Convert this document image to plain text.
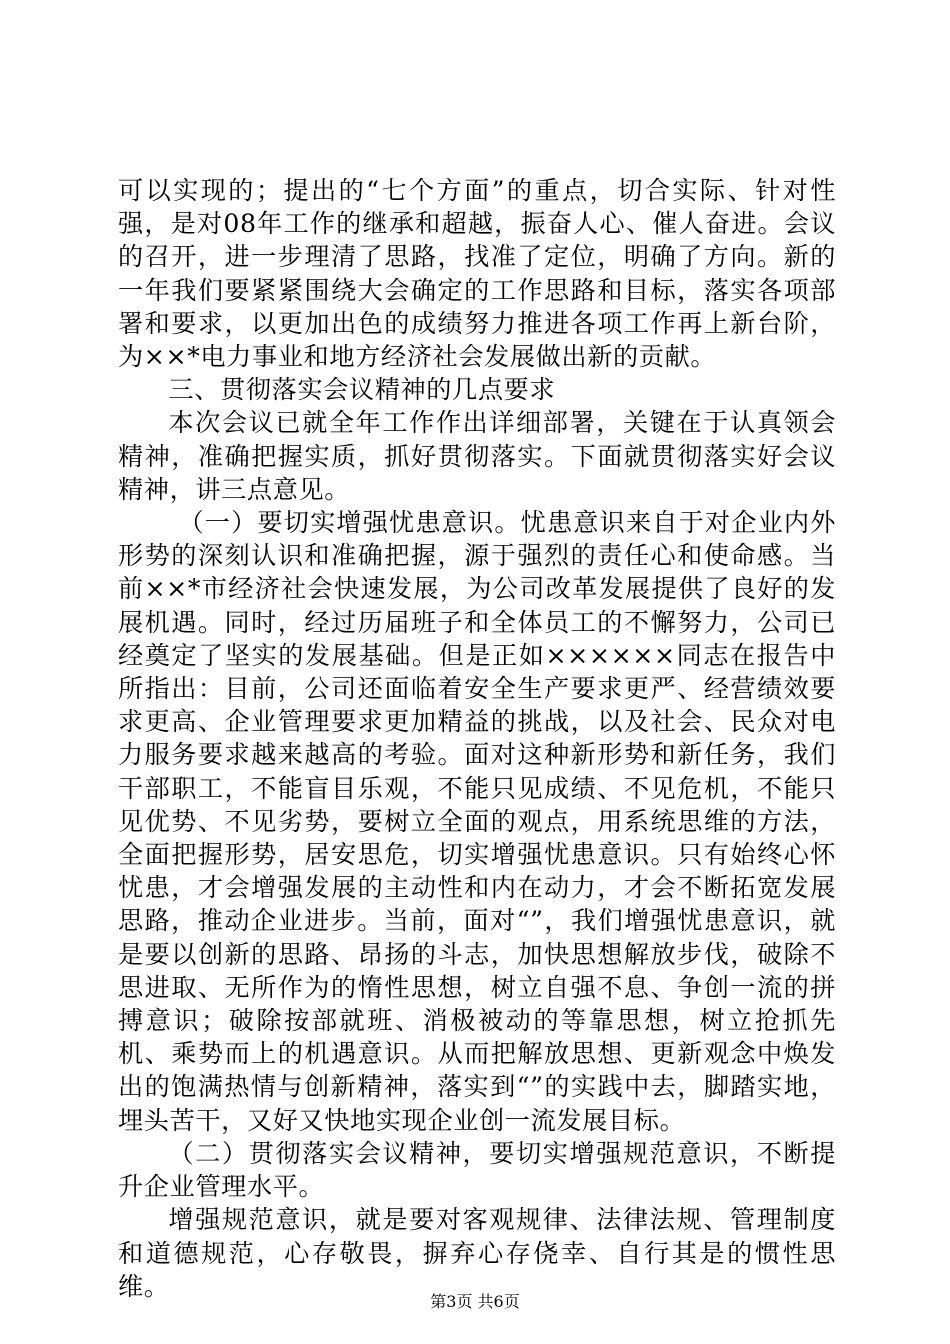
可以实现的；提出的“七个方面”的重点，切合实际、针对性强，是对08年工作的继承和超越，振奋人心、催人奋进。会议的召开，进一步理清了思路，找准了定位，明确了方向。新的一年我们要紧紧围绕大会确定的工作思路和目标，落实各项部署和要求，以更加出色的成绩努力推进各项工作再上新台阶，为××*电力事业和地方经济社会发展做出新的贡献。

三、贯彻落实会议精神的几点要求

本次会议已就全年工作作出详细部署，关键在于认真领会精神，准确把握实质，抓好贯彻落实。下面就贯彻落实好会议精神，讲三点意见。

（一）要切实增强忧患意识。忧患意识来自于对企业内外形势的深刻认识和准确把握，源于强烈的责任心和使命感。当前××*市经济社会快速发展，为公司改革发展提供了良好的发展机遇。同时，经过历届班子和全体员工的不懈努力，公司已经奠定了坚实的发展基础。但是正如××××××同志在报告中所指出：目前，公司还面临着安全生产要求更严、经营绩效要求更高、企业管理要求更加精益的挑战，以及社会、民众对电力服务要求越来越高的考验。面对这种新形势和新任务，我们干部职工，不能盲目乐观，不能只见成绩、不见危机，不能只见优势、不见劣势，要树立全面的观点，用系统思维的方法，全面把握形势，居安思危，切实增强忧患意识。只有始终心怀忧患，才会增强发展的主动性和内在动力，才会不断拓宽发展思路，推动企业进步。当前，面对“”，我们增强忧患意识，就是要以创新的思路、昂扬的斗志，加快思想解放步伐，破除不思进取、无所作为的惰性思想，树立自强不息、争创一流的拼搏意识；破除按部就班、消极被动的等靠思想，树立抢抓先机、乘势而上的机遇意识。从而把解放思想、更新观念中焕发出的饱满热情与创新精神，落实到“”的实践中去，脚踏实地，埋头苦干，又好又快地实现企业创一流发展目标。

（二）贯彻落实会议精神，要切实增强规范意识，不断提升企业管理水平。

增强规范意识，就是要对客观规律、法律法规、管理制度和道德规范，心存敬畏，摒弃心存侥幸、自行其是的惯性思维。

第3页 共6页
